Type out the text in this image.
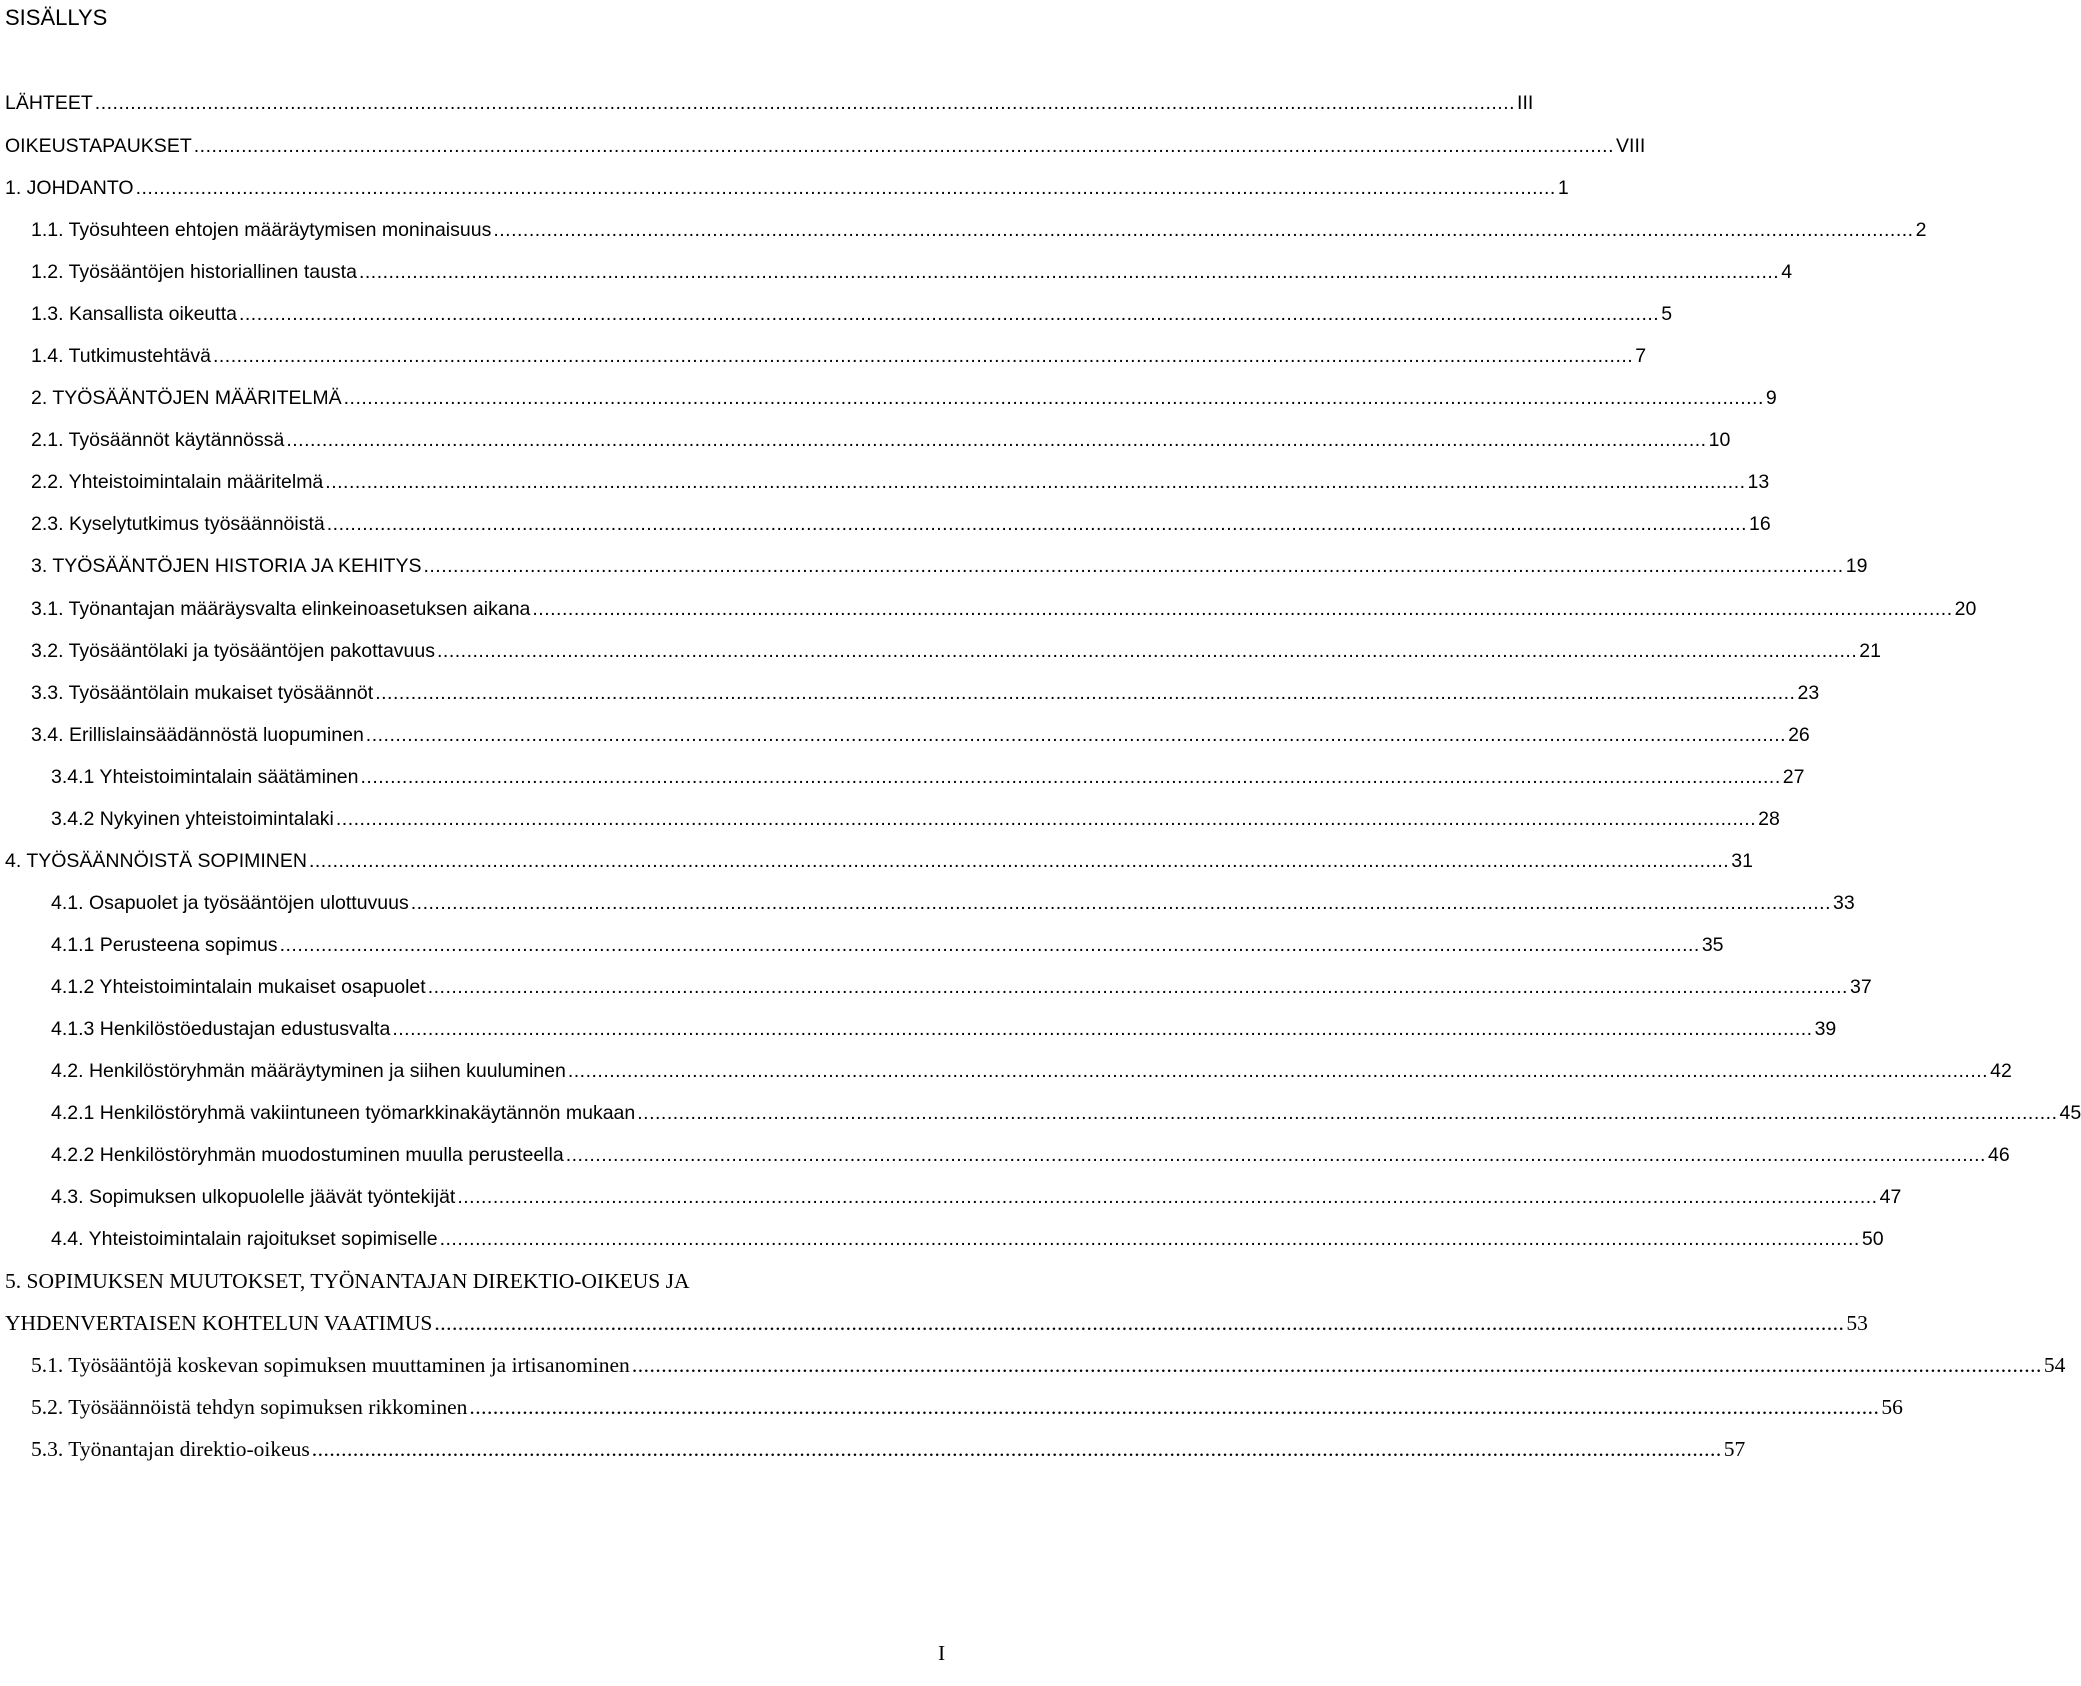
SISÄLLYS
LÄHTEET ................................................................................................................................................................................................................................................ III
OIKEUSTAPAUKSET ................................................................................................................................................................................................................................................ VIII
1. JOHDANTO ................................................................................................................................................................................................................................................ 1
1.1. Työsuhteen ehtojen määräytymisen moninaisuus ................................................................................................................................................................................................................................................ 2
1.2. Työsääntöjen historiallinen tausta ................................................................................................................................................................................................................................................ 4
1.3. Kansallista oikeutta ................................................................................................................................................................................................................................................ 5
1.4. Tutkimustehtävä ................................................................................................................................................................................................................................................ 7
2. TYÖSÄÄNTÖJEN MÄÄRITELMÄ ................................................................................................................................................................................................................................................ 9
2.1. Työsäännöt käytännössä ................................................................................................................................................................................................................................................ 10
2.2. Yhteistoimintalain määritelmä ................................................................................................................................................................................................................................................ 13
2.3. Kyselytutkimus työsäännöistä ................................................................................................................................................................................................................................................ 16
3. TYÖSÄÄNTÖJEN HISTORIA JA KEHITYS ................................................................................................................................................................................................................................................ 19
3.1. Työnantajan määräysvalta elinkeinoasetuksen aikana ................................................................................................................................................................................................................................................ 20
3.2. Työsääntölaki ja työsääntöjen pakottavuus ................................................................................................................................................................................................................................................ 21
3.3. Työsääntölain mukaiset työsäännöt ................................................................................................................................................................................................................................................ 23
3.4. Erillislainsäädännöstä luopuminen ................................................................................................................................................................................................................................................ 26
3.4.1 Yhteistoimintalain säätäminen ................................................................................................................................................................................................................................................ 27
3.4.2 Nykyinen yhteistoimintalaki ................................................................................................................................................................................................................................................ 28
4. TYÖSÄÄNNÖISTÄ SOPIMINEN ................................................................................................................................................................................................................................................ 31
4.1. Osapuolet ja työsääntöjen ulottuvuus ................................................................................................................................................................................................................................................ 33
4.1.1 Perusteena sopimus ................................................................................................................................................................................................................................................ 35
4.1.2 Yhteistoimintalain mukaiset osapuolet ................................................................................................................................................................................................................................................ 37
4.1.3 Henkilöstöedustajan edustusvalta ................................................................................................................................................................................................................................................ 39
4.2. Henkilöstöryhmän määräytyminen ja siihen kuuluminen ................................................................................................................................................................................................................................................ 42
4.2.1 Henkilöstöryhmä vakiintuneen työmarkkinakäytännön mukaan ................................................................................................................................................................................................................................................ 45
4.2.2 Henkilöstöryhmän muodostuminen muulla perusteella ................................................................................................................................................................................................................................................ 46
4.3. Sopimuksen ulkopuolelle jäävät työntekijät ................................................................................................................................................................................................................................................ 47
4.4. Yhteistoimintalain rajoitukset sopimiselle ................................................................................................................................................................................................................................................ 50
5. SOPIMUKSEN MUUTOKSET, TYÖNANTAJAN DIREKTIO-OIKEUS JA
YHDENVERTAISEN KOHTELUN VAATIMUS ................................................................................................................................................................................................................................................ 53
5.1. Työsääntöjä koskevan sopimuksen muuttaminen ja irtisanominen ................................................................................................................................................................................................................................................ 54
5.2. Työsäännöistä tehdyn sopimuksen rikkominen ................................................................................................................................................................................................................................................ 56
5.3. Työnantajan direktio-oikeus ................................................................................................................................................................................................................................................ 57
I
